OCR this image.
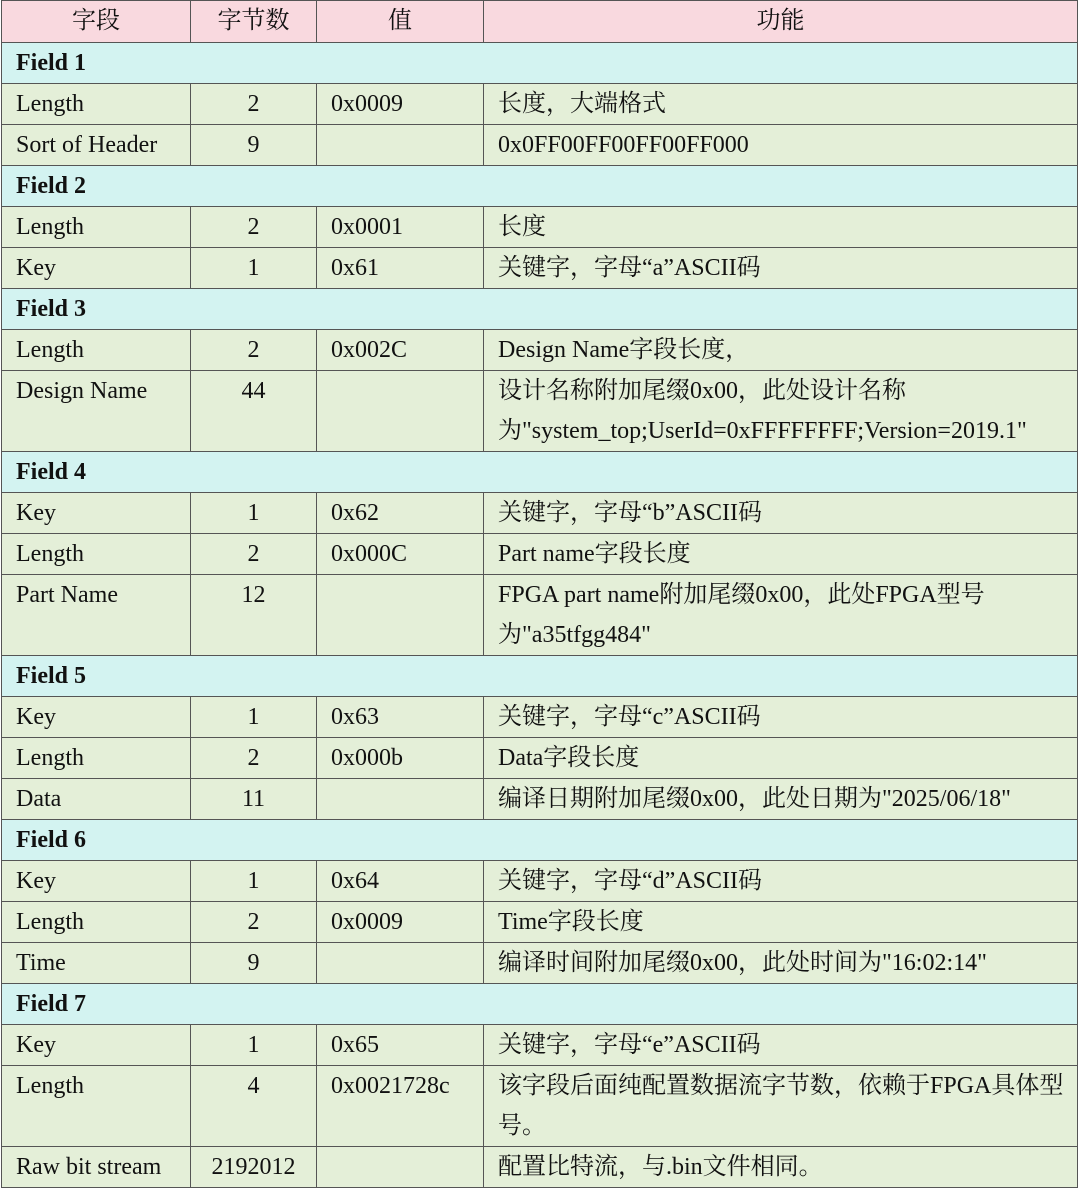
字段	字节数	值	功能
Field 1			
Length	2	0x0009	长度，大端格式
Sort of Header	9		0x0FF00FF00FF00FF000
Field 2			
Length	2	0x0001	长度
Key	1	0x61	关键字，字母“a”ASCII码
Field 3			
Length	2	0x002C	Design Name字段长度，
Design Name	44		设计名称附加尾缀0x00，此处设计名称为"system_top;UserId=0xFFFFFFFF;Version=2019.1"
Field 4			
Key	1	0x62	关键字，字母“b”ASCII码
Length	2	0x000C	Part name字段长度
Part Name	12		FPGA part name附加尾缀0x00，此处FPGA型号为"a35tfgg484"
Field 5			
Key	1	0x63	关键字，字母“c”ASCII码
Length	2	0x000b	Data字段长度
Data	11		编译日期附加尾缀0x00，此处日期为"2025/06/18"
Field 6			
Key	1	0x64	关键字，字母“d”ASCII码
Length	2	0x0009	Time字段长度
Time	9		编译时间附加尾缀0x00，此处时间为"16:02:14"
Field 7			
Key	1	0x65	关键字，字母“e”ASCII码
Length	4	0x0021728c	该字段后面纯配置数据流字节数，依赖于FPGA具体型号。
Raw bit stream	2192012		配置比特流，与.bin文件相同。
